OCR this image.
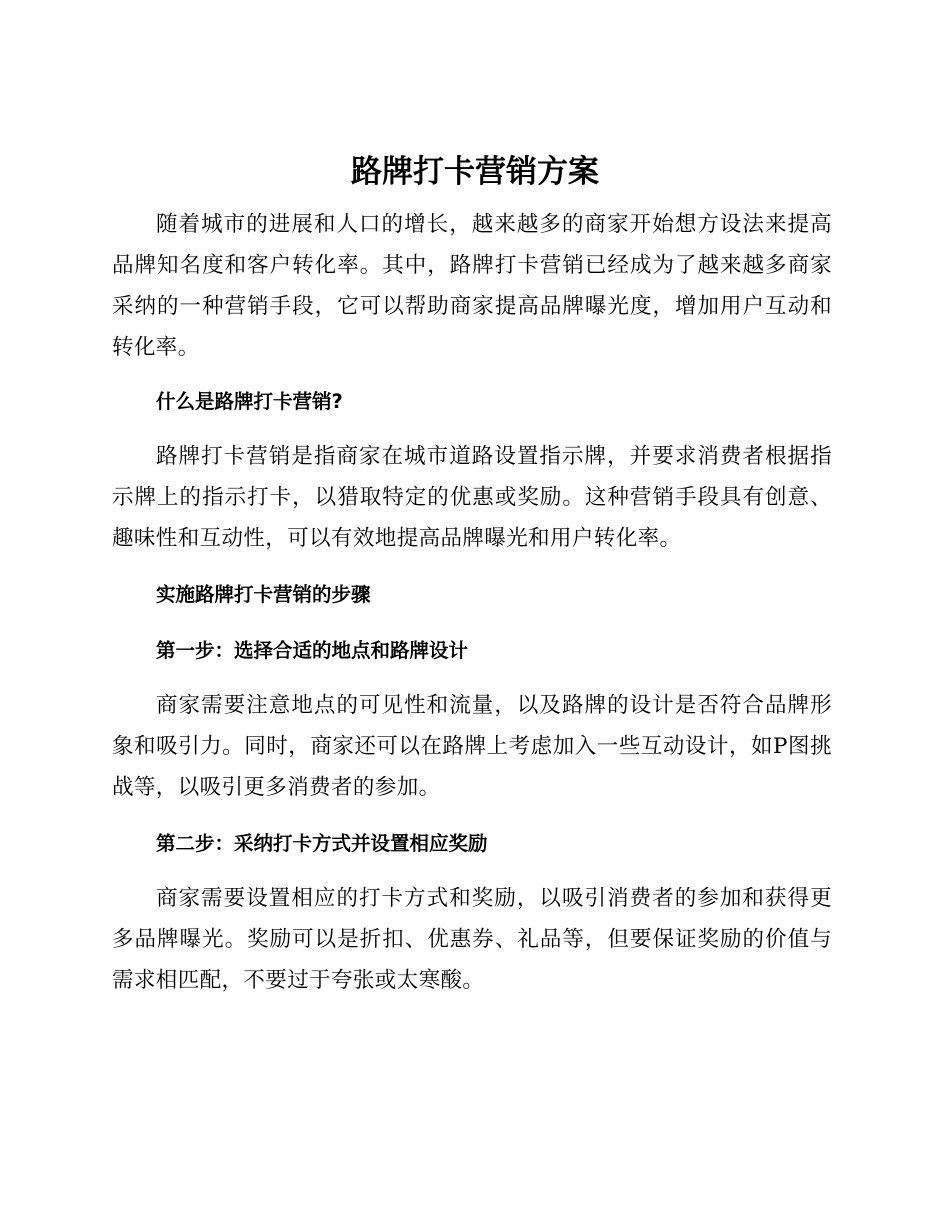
路牌打卡营销方案

随着城市的进展和人口的增长，越来越多的商家开始想方设法来提高品牌知名度和客户转化率。其中，路牌打卡营销已经成为了越来越多商家采纳的一种营销手段，它可以帮助商家提高品牌曝光度，增加用户互动和转化率。

什么是路牌打卡营销?

路牌打卡营销是指商家在城市道路设置指示牌，并要求消费者根据指示牌上的指示打卡，以猎取特定的优惠或奖励。这种营销手段具有创意、趣味性和互动性，可以有效地提高品牌曝光和用户转化率。

实施路牌打卡营销的步骤
第一步：选择合适的地点和路牌设计

商家需要注意地点的可见性和流量，以及路牌的设计是否符合品牌形象和吸引力。同时，商家还可以在路牌上考虑加入一些互动设计，如P图挑战等，以吸引更多消费者的参加。

第二步：采纳打卡方式并设置相应奖励

商家需要设置相应的打卡方式和奖励，以吸引消费者的参加和获得更多品牌曝光。奖励可以是折扣、优惠券、礼品等，但要保证奖励的价值与需求相匹配，不要过于夸张或太寒酸。
